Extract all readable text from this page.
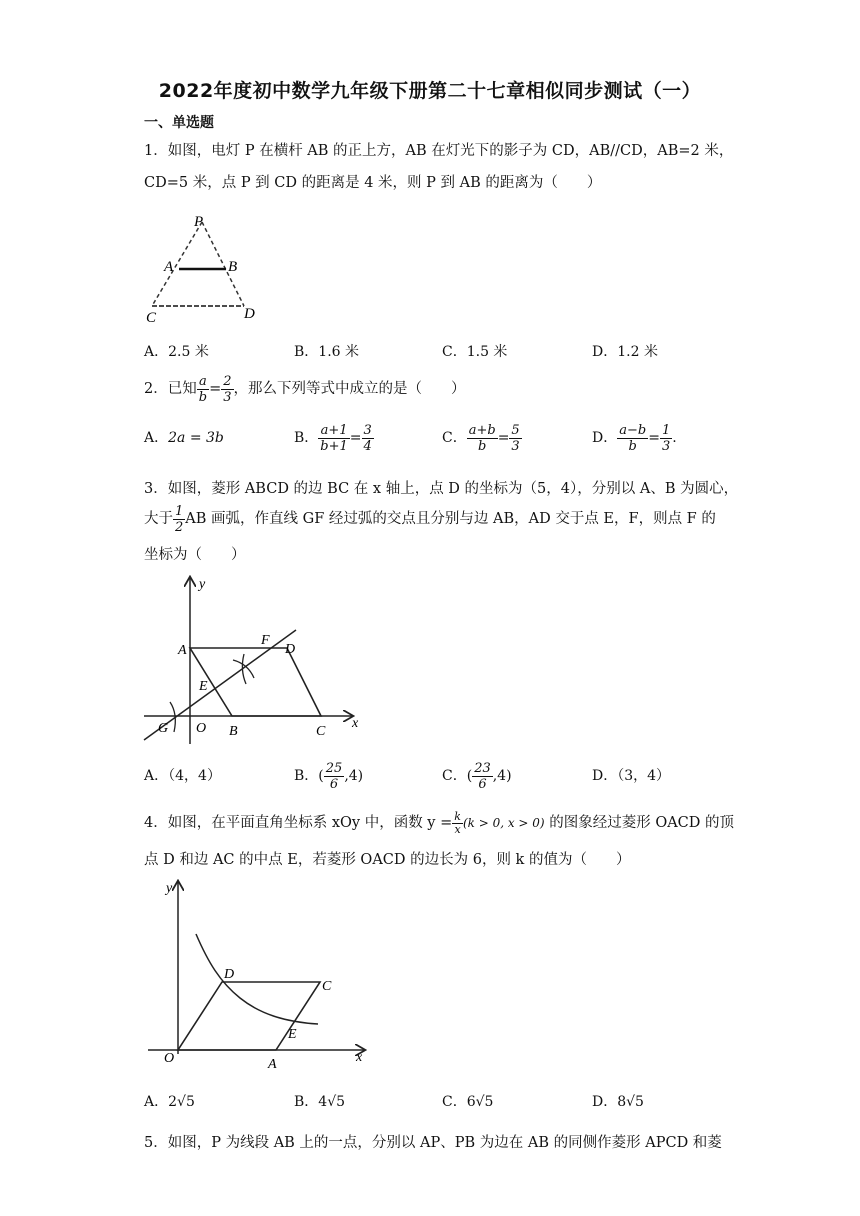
2022年度初中数学九年级下册第二十七章相似同步测试（一）
一、单选题
1．如图，电灯 P 在横杆 AB 的正上方，AB 在灯光下的影子为 CD，AB//CD，AB=2 米，
CD=5 米，点 P 到 CD 的距离是 4 米，则 P 到 AB 的距离为（　　）
P
A	B
C	D
A．2.5 米	B．1.6 米	C．1.5 米	D．1.2 米
2．已知 $\frac{a}{b} = \frac{2}{3}$ ，那么下列等式中成立的是（　　）
A．2a = 3b	B． $\frac{a+1}{b+1} = \frac{3}{4}$	C． $\frac{a+b}{b} = \frac{5}{3}$	D． $\frac{a-b}{b} = \frac{1}{3}$ .
3．如图，菱形 ABCD 的边 BC 在 x 轴上，点 D 的坐标为（5，4），分别以 A、B 为圆心，
大于 $\frac{1}{2}$ AB 画弧，作直线 GF 经过弧的交点且分别与边 AB，AD 交于点 E，F，则点 F 的
坐标为（　　）
y
x
A
F
D
E
G O B	C
A．（4，4）	B．( $\frac{25}{6} ,4$)	C．( $\frac{23}{6} ,4$)	D．（3，4）
4．如图，在平面直角坐标系 xOy 中，函数 $y = \frac{k}{x} (k > 0$, x > 0) 的图象经过菱形 OACD 的顶
点 D 和边 AC 的中点 E，若菱形 OACD 的边长为 6，则 k 的值为（　　）
y
x
D
C
E
O	A
A．2√5	B．4√5	C．6√5	D．8√5
5．如图，P 为线段 AB 上的一点，分别以 AP、PB 为边在 AB 的同侧作菱形 APCD 和菱
